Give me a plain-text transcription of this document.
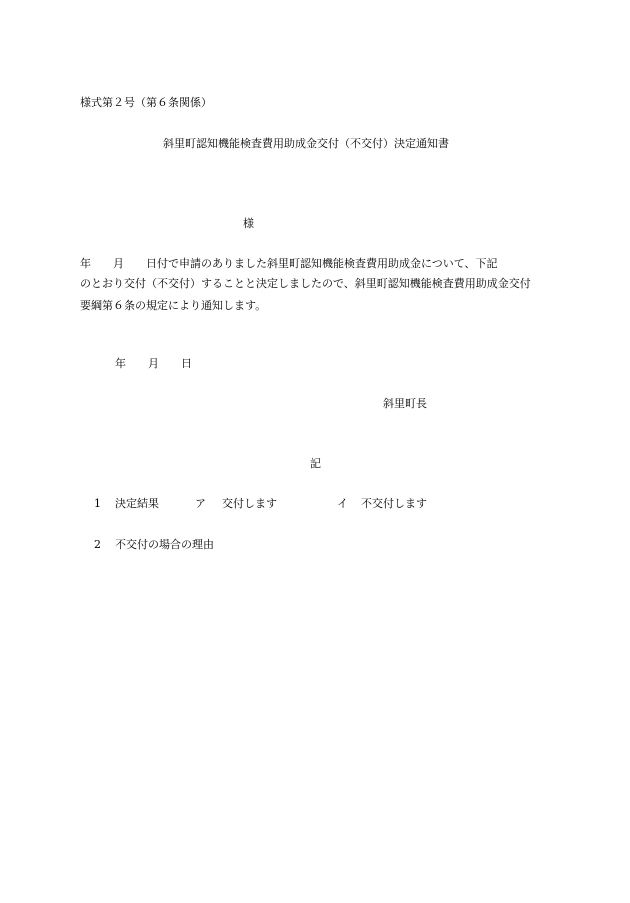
様式第２号（第６条関係）
斜里町認知機能検査費用助成金交付（不交付）決定通知書
様
年　　月　　日付で申請のありました斜里町認知機能検査費用助成金について、下記
のとおり交付（不交付）することと決定しましたので、斜里町認知機能検査費用助成金交付
要綱第６条の規定により通知します。
年　　月　　日
斜里町長
記
1 決定結果	ア 交付します	イ 不交付します
2 不交付の場合の理由
